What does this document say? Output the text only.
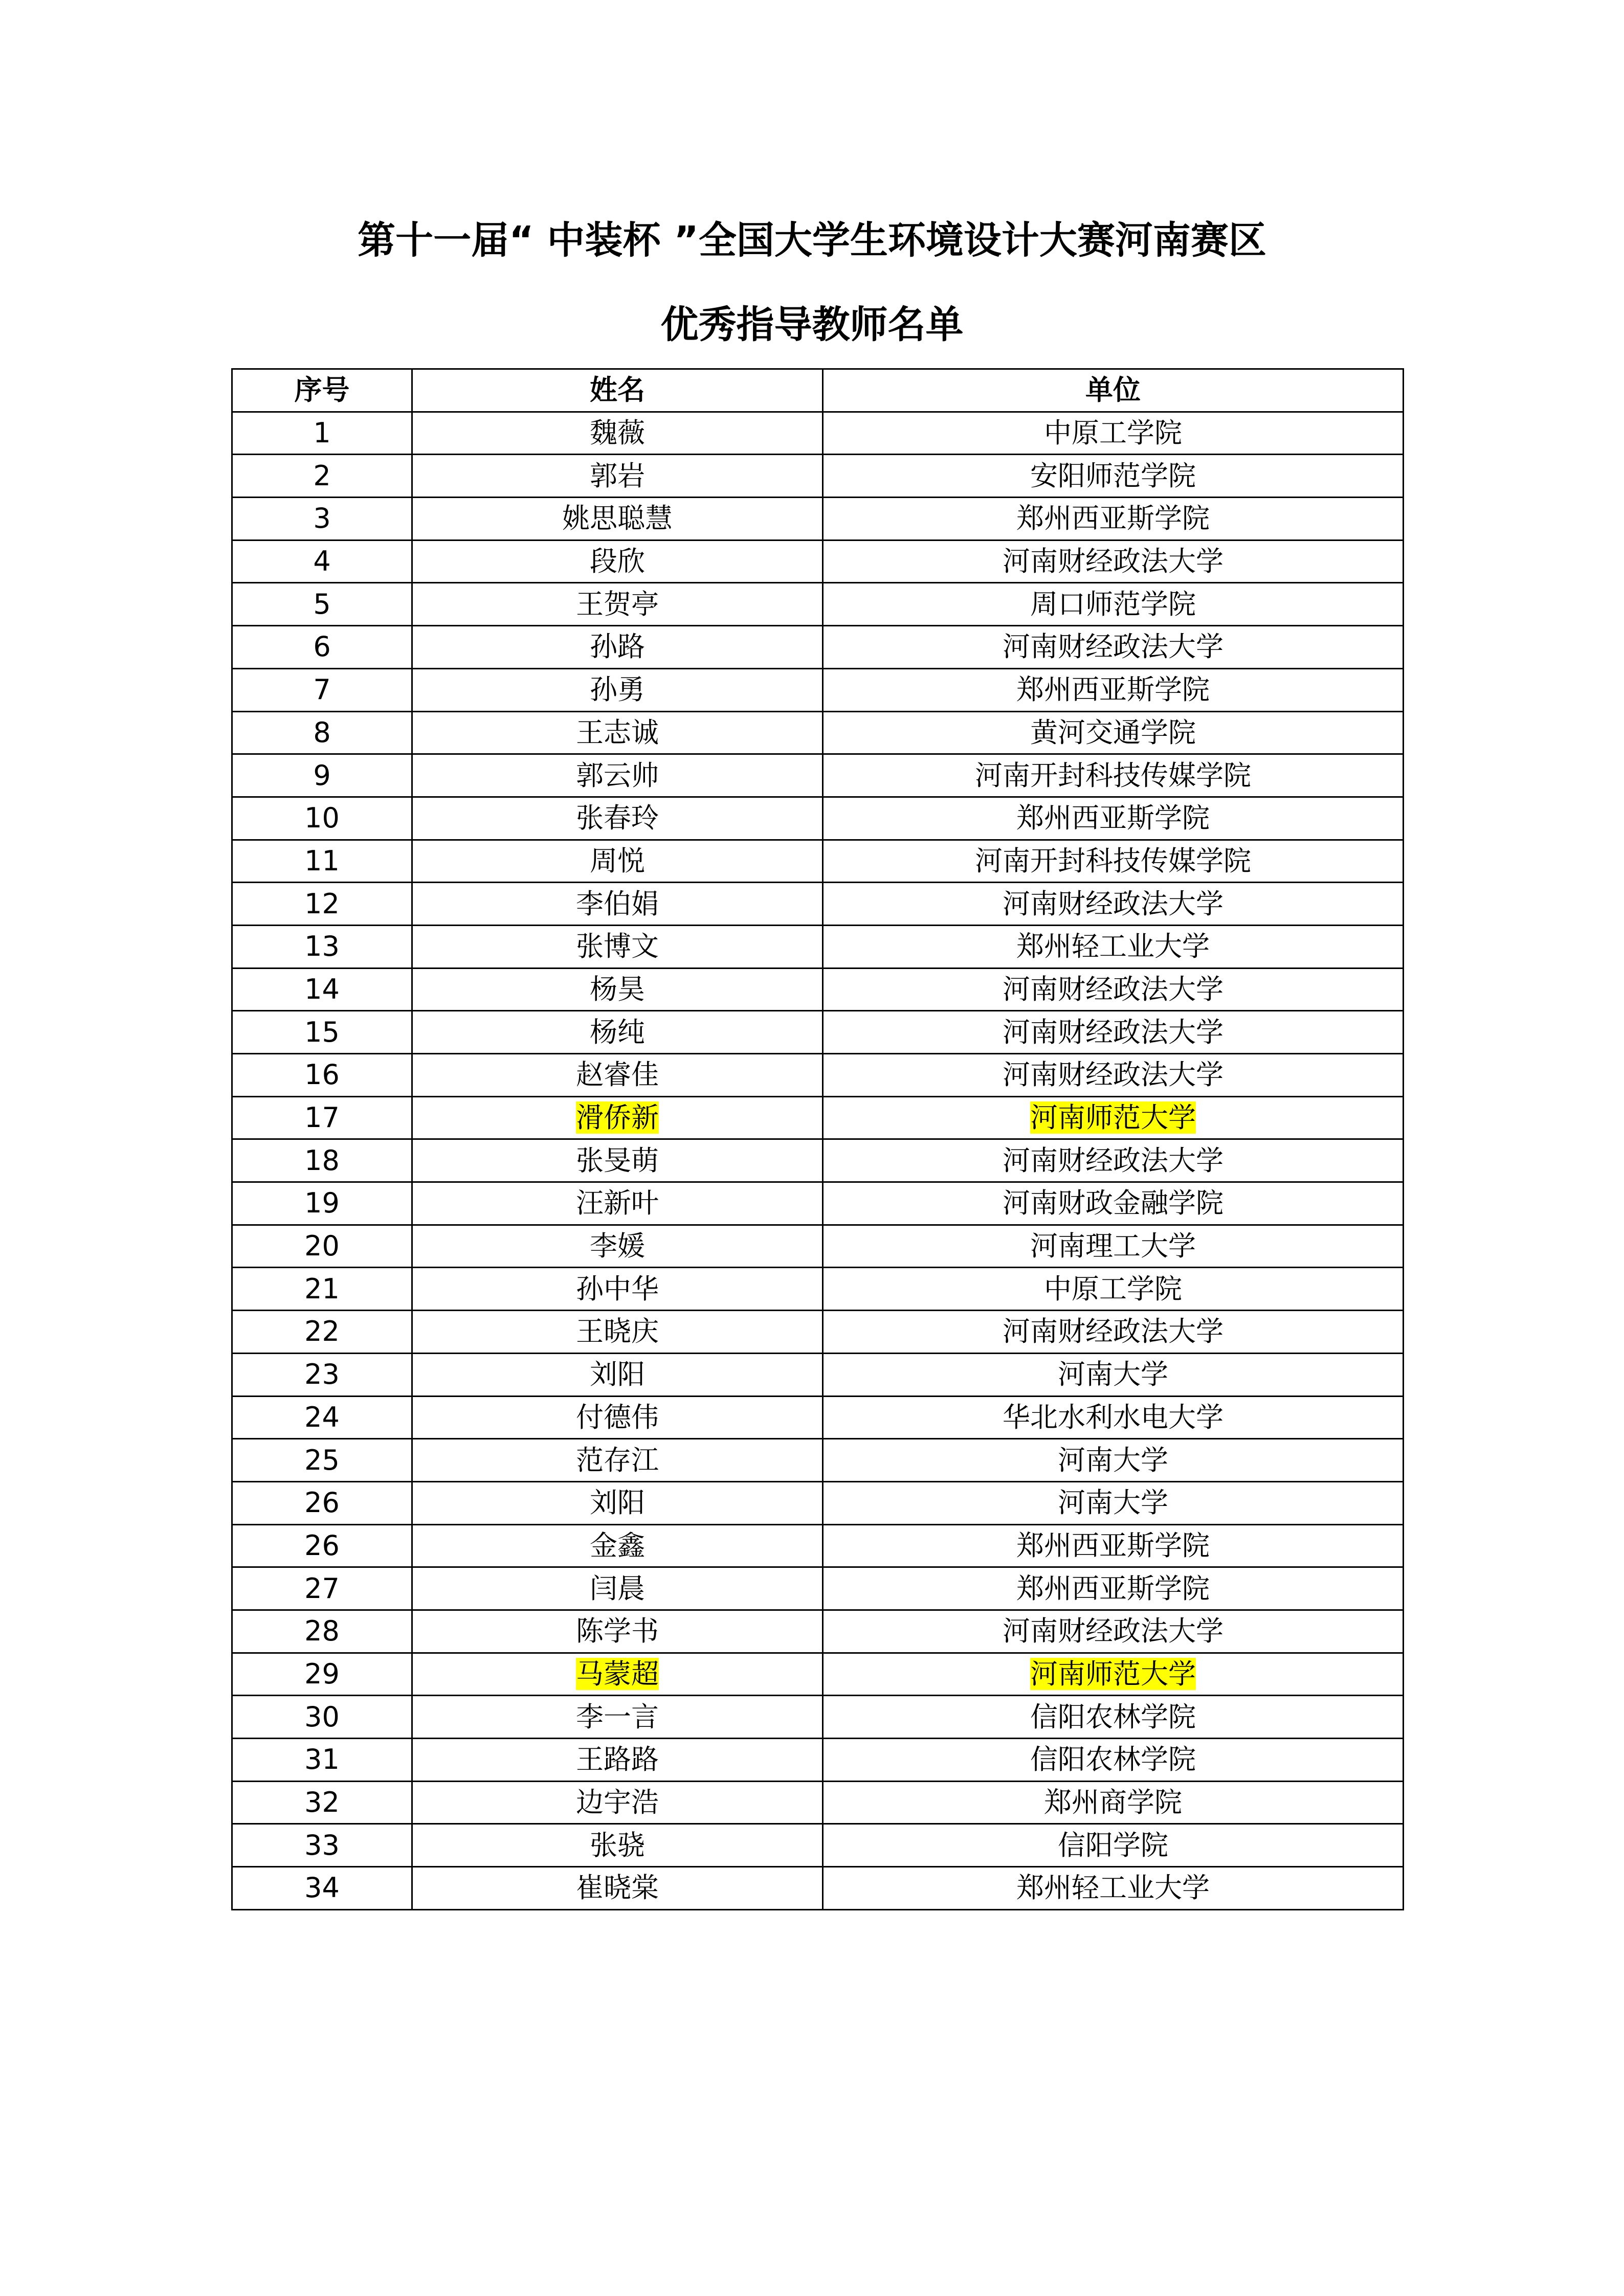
第十一届“ 中装杯 ”全国大学生环境设计大赛河南赛区
优秀指导教师名单
序号	姓名	单位
1	魏薇	中原工学院
2	郭岩	安阳师范学院
3	姚思聪慧	郑州西亚斯学院
4	段欣	河南财经政法大学
5	王贺亭	周口师范学院
6	孙路	河南财经政法大学
7	孙勇	郑州西亚斯学院
8	王志诚	黄河交通学院
9	郭云帅	河南开封科技传媒学院
10	张春玲	郑州西亚斯学院
11	周悦	河南开封科技传媒学院
12	李伯娟	河南财经政法大学
13	张博文	郑州轻工业大学
14	杨昊	河南财经政法大学
15	杨纯	河南财经政法大学
16	赵睿佳	河南财经政法大学
17	滑侨新	河南师范大学
18	张旻萌	河南财经政法大学
19	汪新叶	河南财政金融学院
20	李媛	河南理工大学
21	孙中华	中原工学院
22	王晓庆	河南财经政法大学
23	刘阳	河南大学
24	付德伟	华北水利水电大学
25	范存江	河南大学
26	刘阳	河南大学
26	金鑫	郑州西亚斯学院
27	闫晨	郑州西亚斯学院
28	陈学书	河南财经政法大学
29	马蒙超	河南师范大学
30	李一言	信阳农林学院
31	王路路	信阳农林学院
32	边宇浩	郑州商学院
33	张骁	信阳学院
34	崔晓棠	郑州轻工业大学
